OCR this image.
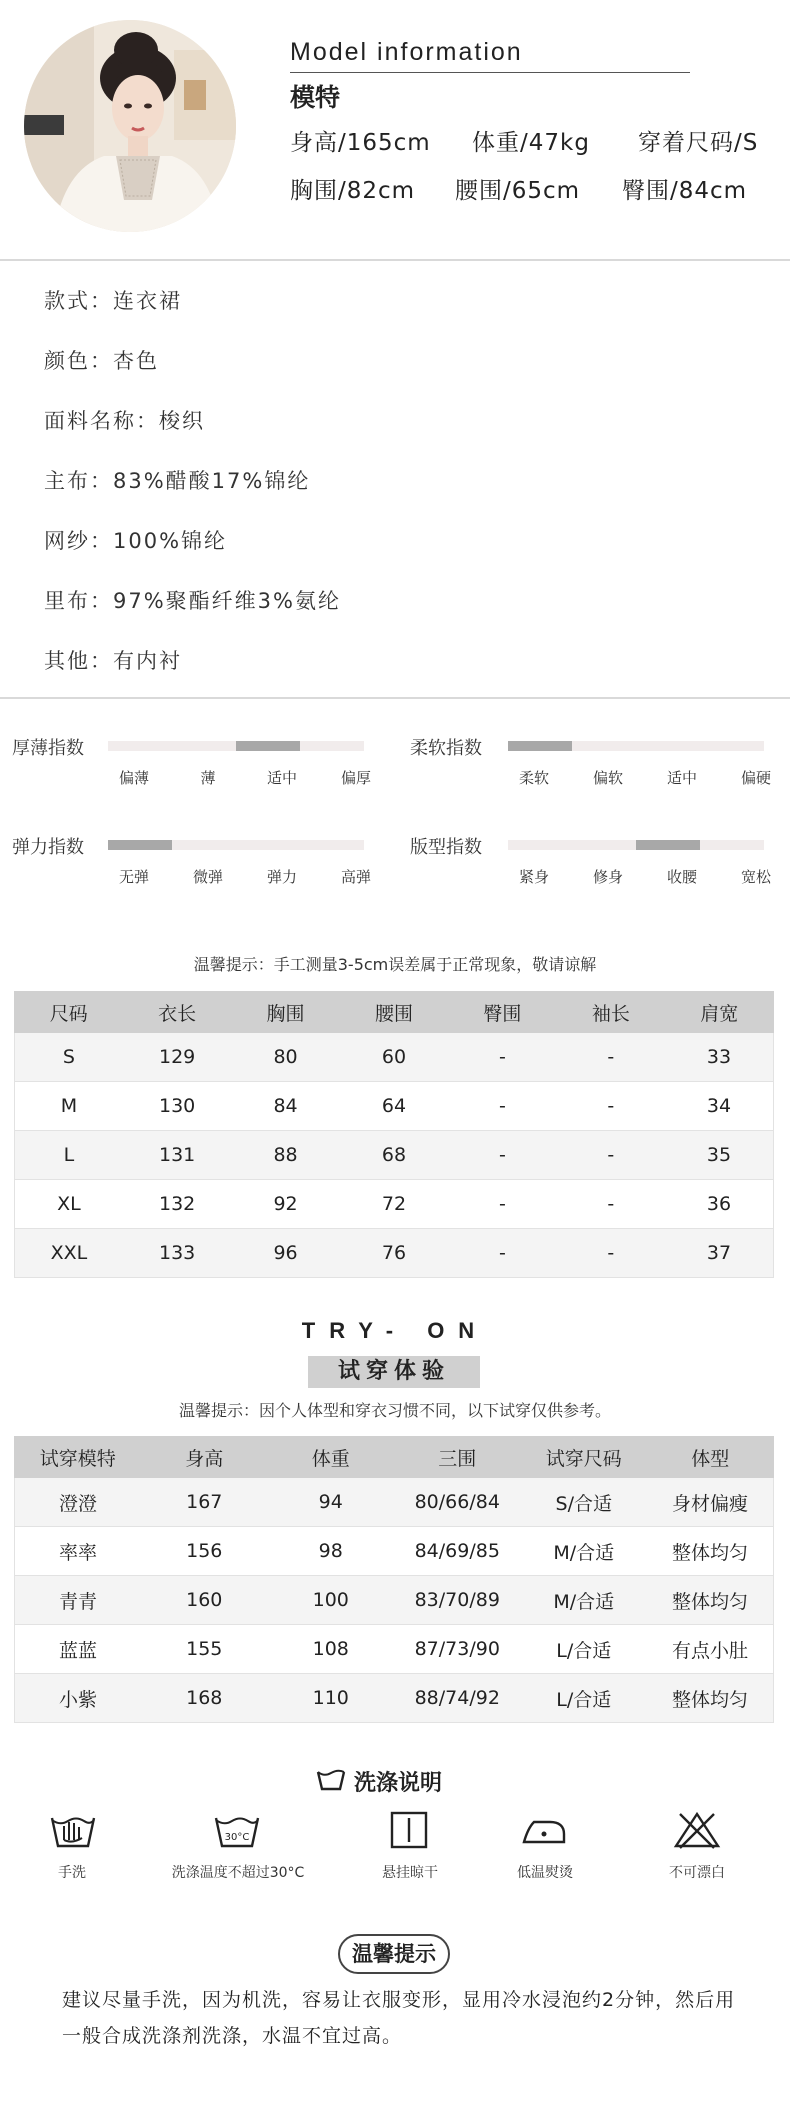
Model information
模特
身高/165cm 体重/47kg 穿着尺码/S
胸围/82cm 腰围/65cm 臀围/84cm
款式：连衣裙
颜色：杏色
面料名称：梭织
主布：83%醋酸17%锦纶
网纱：100%锦纶
里布：97%聚酯纤维3%氨纶
其他：有内衬
厚薄指数
偏薄	薄	适中	偏厚
柔软指数
柔软	偏软	适中	偏硬
弹力指数
无弹	微弹	弹力	高弹
版型指数
紧身	修身	收腰	宽松
温馨提示：手工测量3-5cm误差属于正常现象，敬请谅解
尺码	衣长	胸围	腰围	臀围	袖长	肩宽
S	129	80	60	-	-	33
M	130	84	64	-	-	34
L	131	88	68	-	-	35
XL	132	92	72	-	-	36
XXL	133	96	76	-	-	37
TRY- ON
试穿体验
温馨提示：因个人体型和穿衣习惯不同，以下试穿仅供参考。
试穿模特	身高	体重	三围	试穿尺码	体型
澄澄	167	94	80/66/84	S/合适	身材偏瘦
率率	156	98	84/69/85	M/合适	整体均匀
青青	160	100	83/70/89	M/合适	整体均匀
蓝蓝	155	108	87/73/90	L/合适	有点小肚
小紫	168	110	88/74/92	L/合适	整体均匀
洗涤说明
30°C
手洗	洗涤温度不超过30°C	悬挂晾干	低温熨烫	不可漂白
温馨提示
建议尽量手洗，因为机洗，容易让衣服变形，显用冷水浸泡约2分钟，然后用一般合成洗涤剂洗涤，水温不宜过高。
